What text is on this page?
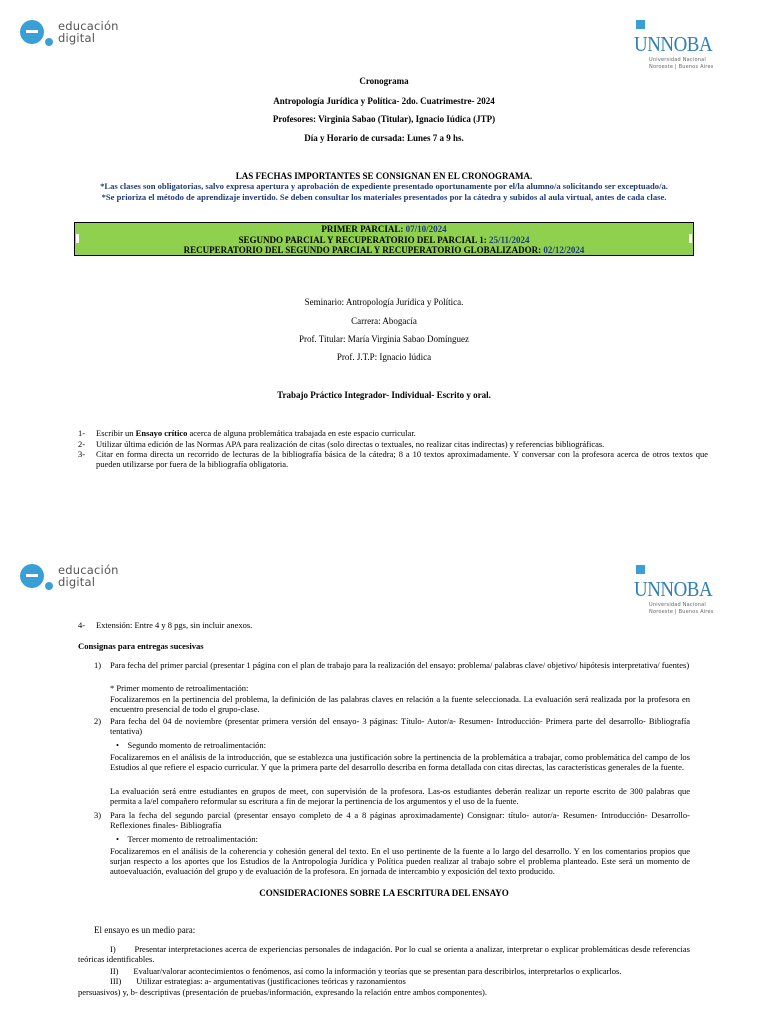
educación
digital	UNNOBA
Universidad Nacional
Noroeste | Buenos Aires
Cronograma
Antropología Jurídica y Política- 2do. Cuatrimestre- 2024
Profesores: Virginia Sabao (Titular), Ignacio Iúdica (JTP)
Día y Horario de cursada: Lunes 7 a 9 hs.
LAS FECHAS IMPORTANTES SE CONSIGNAN EN EL CRONOGRAMA.
*Las clases son obligatorias, salvo expresa apertura y aprobación de expediente presentado oportunamente por el/la alumno/a solicitando ser exceptuado/a.
*Se prioriza el método de aprendizaje invertido. Se deben consultar los materiales presentados por la cátedra y subidos al aula virtual, antes de cada clase.
PRIMER PARCIAL: 07/10/2024
SEGUNDO PARCIAL Y RECUPERATORIO DEL PARCIAL 1: 25/11/2024
RECUPERATORIO DEL SEGUNDO PARCIAL Y RECUPERATORIO GLOBALIZADOR: 02/12/2024
Seminario: Antropología Jurídica y Política.
Carrera: Abogacía
Prof. Titular: María Virginia Sabao Domínguez
Prof. J.T.P: Ignacio Iúdica
Trabajo Práctico Integrador- Individual- Escrito y oral.
1- Escribir un Ensayo crítico acerca de alguna problemática trabajada en este espacio curricular.
2- Utilizar última edición de las Normas APA para realización de citas (solo directas o textuales, no realizar citas indirectas) y referencias bibliográficas.
3- Citar en forma directa un recorrido de lecturas de la bibliografía básica de la cátedra; 8 a 10 textos aproximadamente. Y conversar con la profesora acerca de otros textos que pueden utilizarse por fuera de la bibliografía obligatoria.
educación
digital	UNNOBA
Universidad Nacional
Noroeste | Buenos Aires
4- Extensión: Entre 4 y 8 pgs, sin incluir anexos.
Consignas para entregas sucesivas
1) Para fecha del primer parcial (presentar 1 página con el plan de trabajo para la realización del ensayo: problema/ palabras clave/ objetivo/ hipótesis interpretativa/ fuentes)
* Primer momento de retroalimentación:
Focalizaremos en la pertinencia del problema, la definición de las palabras claves en relación a la fuente seleccionada. La evaluación será realizada por la profesora en encuentro presencial de todo el grupo-clase.
2) Para fecha del 04 de noviembre (presentar primera versión del ensayo- 3 páginas: Título- Autor/a- Resumen- Introducción- Primera parte del desarrollo- Bibliografía tentativa)
• Segundo momento de retroalimentación:
Focalizaremos en el análisis de la introducción, que se establezca una justificación sobre la pertinencia de la problemática a trabajar, como problemática del campo de los Estudios al que refiere el espacio curricular. Y que la primera parte del desarrollo describa en forma detallada con citas directas, las características generales de la fuente.
La evaluación será entre estudiantes en grupos de meet, con supervisión de la profesora. Las-os estudiantes deberán realizar un reporte escrito de 300 palabras que permita a la/el compañero reformular su escritura a fin de mejorar la pertinencia de los argumentos y el uso de la fuente.
3) Para la fecha del segundo parcial (presentar ensayo completo de 4 a 8 páginas aproximadamente) Consignar: título- autor/a- Resumen- Introducción- Desarrollo- Reflexiones finales- Bibliografía
• Tercer momento de retroalimentación:
Focalizaremos en el análisis de la coherencia y cohesión general del texto. En el uso pertinente de la fuente a lo largo del desarrollo. Y en los comentarios propios que surjan respecto a los aportes que los Estudios de la Antropología Jurídica y Política pueden realizar al trabajo sobre el problema planteado. Este será un momento de autoevaluación, evaluación del grupo y de evaluación de la profesora. En jornada de intercambio y exposición del texto producido.
CONSIDERACIONES SOBRE LA ESCRITURA DEL ENSAYO
El ensayo es un medio para:
I) Presentar interpretaciones acerca de experiencias personales de indagación. Por lo cual se orienta a analizar, interpretar o explicar problemáticas desde referencias teóricas identificables.
II) Evaluar/valorar acontecimientos o fenómenos, así como la información y teorías que se presentan para describirlos, interpretarlos o explicarlos.
III) Utilizar estrategias: a- argumentativas (justificaciones teóricas y razonamientos
persuasivos) y, b- descriptivas (presentación de pruebas/información, expresando la relación entre ambos componentes).
